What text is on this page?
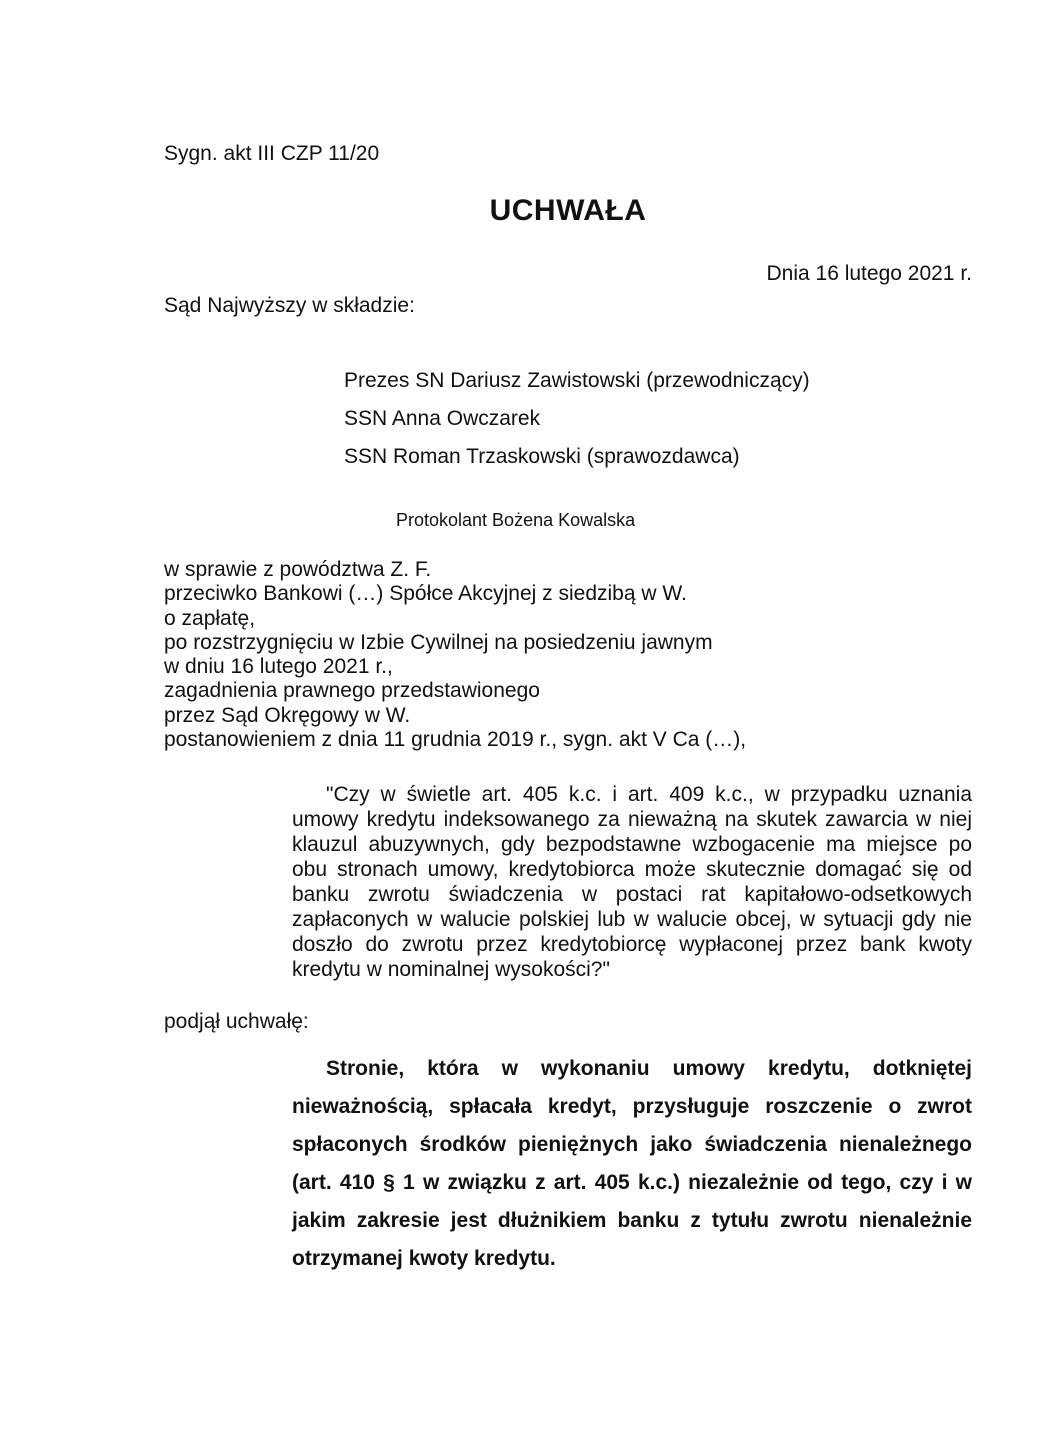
Sygn. akt III CZP 11/20
UCHWAŁA
Dnia 16 lutego 2021 r.
Sąd Najwyższy w składzie:
Prezes SN Dariusz Zawistowski (przewodniczący)
SSN Anna Owczarek
SSN Roman Trzaskowski (sprawozdawca)
Protokolant Bożena Kowalska
w sprawie z powództwa Z. F.
przeciwko Bankowi (…) Spółce Akcyjnej z siedzibą w W.
o zapłatę,
po rozstrzygnięciu w Izbie Cywilnej na posiedzeniu jawnym
w dniu 16 lutego 2021 r.,
zagadnienia prawnego przedstawionego
przez Sąd Okręgowy w W.
postanowieniem z dnia 11 grudnia 2019 r., sygn. akt V Ca (…),
"Czy w świetle art. 405 k.c. i art. 409 k.c., w przypadku uznania umowy kredytu indeksowanego za nieważną na skutek zawarcia w niej klauzul abuzywnych, gdy bezpodstawne wzbogacenie ma miejsce po obu stronach umowy, kredytobiorca może skutecznie domagać się od banku zwrotu świadczenia w postaci rat kapitałowo-odsetkowych zapłaconych w walucie polskiej lub w walucie obcej, w sytuacji gdy nie doszło do zwrotu przez kredytobiorcę wypłaconej przez bank kwoty kredytu w nominalnej wysokości?"
podjął uchwałę:
Stronie, która w wykonaniu umowy kredytu, dotkniętej nieważnością, spłacała kredyt, przysługuje roszczenie o zwrot spłaconych środków pieniężnych jako świadczenia nienależnego (art. 410 § 1 w związku z art. 405 k.c.) niezależnie od tego, czy i w jakim zakresie jest dłużnikiem banku z tytułu zwrotu nienależnie otrzymanej kwoty kredytu.
